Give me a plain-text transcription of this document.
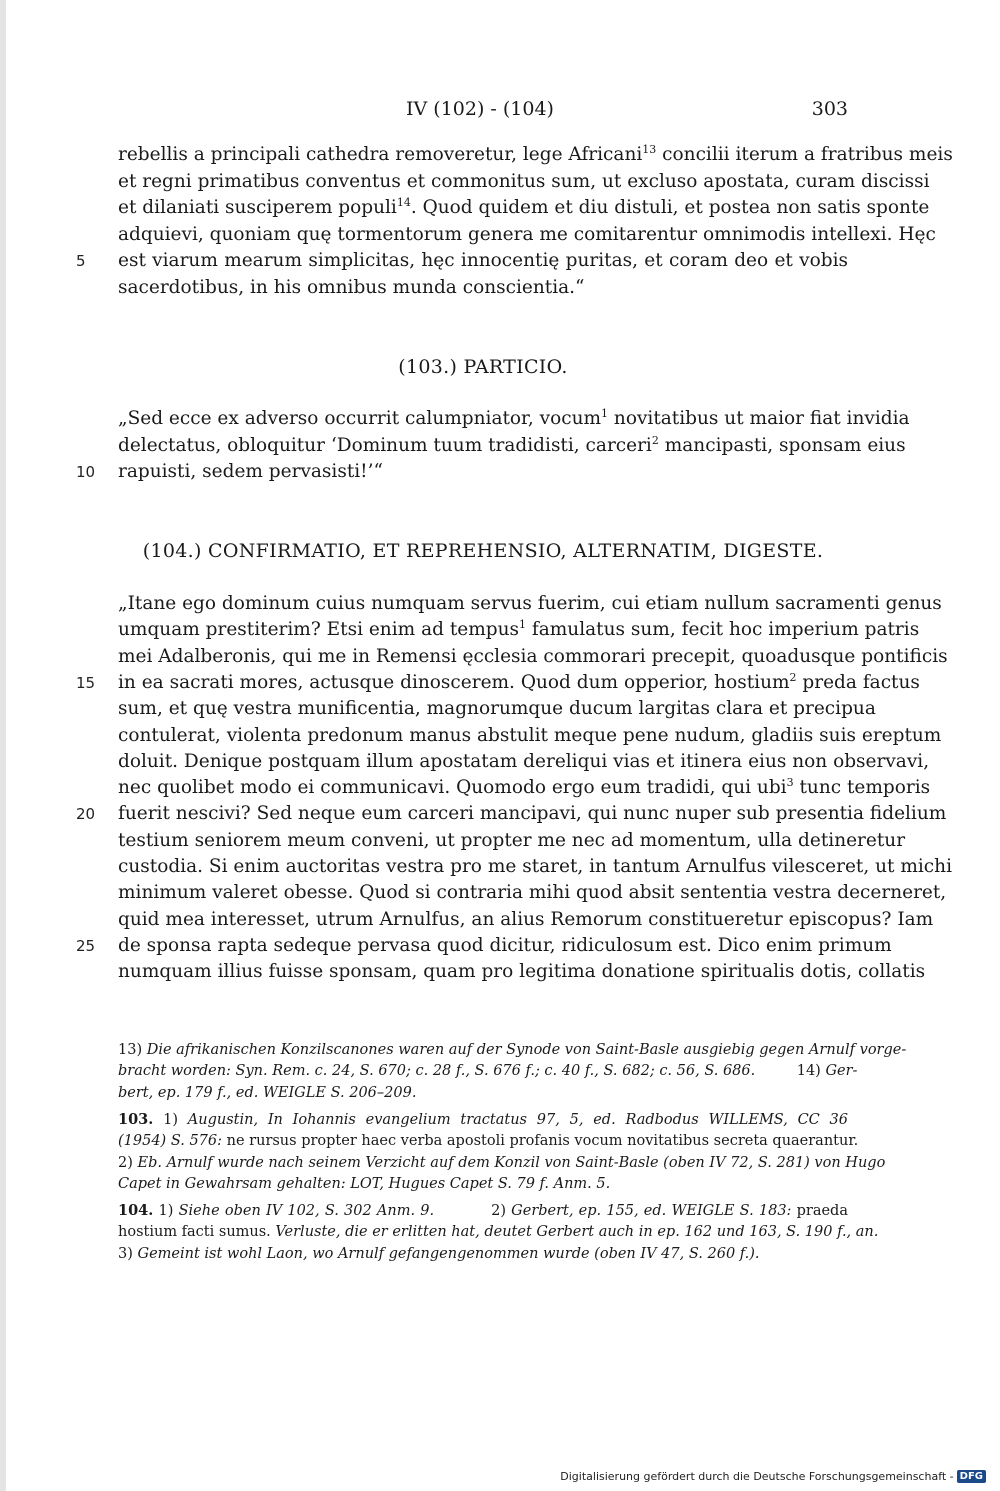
IV (102) - (104)	303
rebellis a principali cathedra removeretur, lege Africani$^{13}$ concilii iterum a fratribus meis
et regni primatibus conventus et commonitus sum, ut excluso apostata, curam discissi
et dilaniati susciperem populi$^{14}$. Quod quidem et diu distuli, et postea non satis sponte
adquievi, quoniam quę tormentorum genera me comitarentur omnimodis intellexi. Hęc
est viarum mearum simplicitas, hęc innocentię puritas, et coram deo et vobis
sacerdotibus, in his omnibus munda conscientia.“
(103.) PARTICIO.
„Sed ecce ex adverso occurrit calumpniator, vocum$^1$ novitatibus ut maior fiat invidia
delectatus, obloquitur ‘Dominum tuum tradidisti, carceri$^2$ mancipasti, sponsam eius
rapuisti, sedem pervasisti!’“
(104.) CONFIRMATIO, ET REPREHENSIO, ALTERNATIM, DIGESTE.
„Itane ego dominum cuius numquam servus fuerim, cui etiam nullum sacramenti genus
umquam prestiterim? Etsi enim ad tempus$^1$ famulatus sum, fecit hoc imperium patris
mei Adalberonis, qui me in Remensi ęcclesia commorari precepit, quoadusque pontificis
in ea sacrati mores, actusque dinoscerem. Quod dum opperior, hostium$^2$ preda factus
sum, et quę vestra munificentia, magnorumque ducum largitas clara et precipua
contulerat, violenta predonum manus abstulit meque pene nudum, gladiis suis ereptum
doluit. Denique postquam illum apostatam dereliqui vias et itinera eius non observavi,
nec quolibet modo ei communicavi. Quomodo ergo eum tradidi, qui ubi$^3$ tunc temporis
fuerit nescivi? Sed neque eum carceri mancipavi, qui nunc nuper sub presentia fidelium
testium seniorem meum conveni, ut propter me nec ad momentum, ulla detineretur
custodia. Si enim auctoritas vestra pro me staret, in tantum Arnulfus vilesceret, ut michi
minimum valeret obesse. Quod si contraria mihi quod absit sententia vestra decerneret,
quid mea interesset, utrum Arnulfus, an alius Remorum constitueretur episcopus? Iam
de sponsa rapta sedeque pervasa quod dicitur, ridiculosum est. Dico enim primum
numquam illius fuisse sponsam, quam pro legitima donatione spiritualis dotis, collatis
13) Die afrikanischen Konzilscanones waren auf der Synode von Saint-Basle ausgiebig gegen Arnulf vorge-
bracht worden: Syn. Rem. c. 24, S. 670; c. 28 f., S. 676 f.; c. 40 f., S. 682; c. 56, S. 686.         14) Ger-
bert, ep. 179 f., ed. WEIGLE S. 206–209.
103. 1) Augustin, In Iohannis evangelium tractatus 97, 5, ed. Radbodus WILLEMS, CC 36
(1954) S. 576: ne rursus propter haec verba apostoli profanis vocum novitatibus secreta quaerantur.
2) Eb. Arnulf wurde nach seinem Verzicht auf dem Konzil von Saint-Basle (oben IV 72, S. 281) von Hugo
Capet in Gewahrsam gehalten: LOT, Hugues Capet S. 79 f. Anm. 5.
104. 1) Siehe oben IV 102, S. 302 Anm. 9.           2) Gerbert, ep. 155, ed. WEIGLE S. 183: praeda
hostium facti sumus. Verluste, die er erlitten hat, deutet Gerbert auch in ep. 162 und 163, S. 190 f., an.
3) Gemeint ist wohl Laon, wo Arnulf gefangengenommen wurde (oben IV 47, S. 260 f.).
Digitalisierung gefördert durch die Deutsche Forschungsgemeinschaft - DFG
5
10
15
20
25
